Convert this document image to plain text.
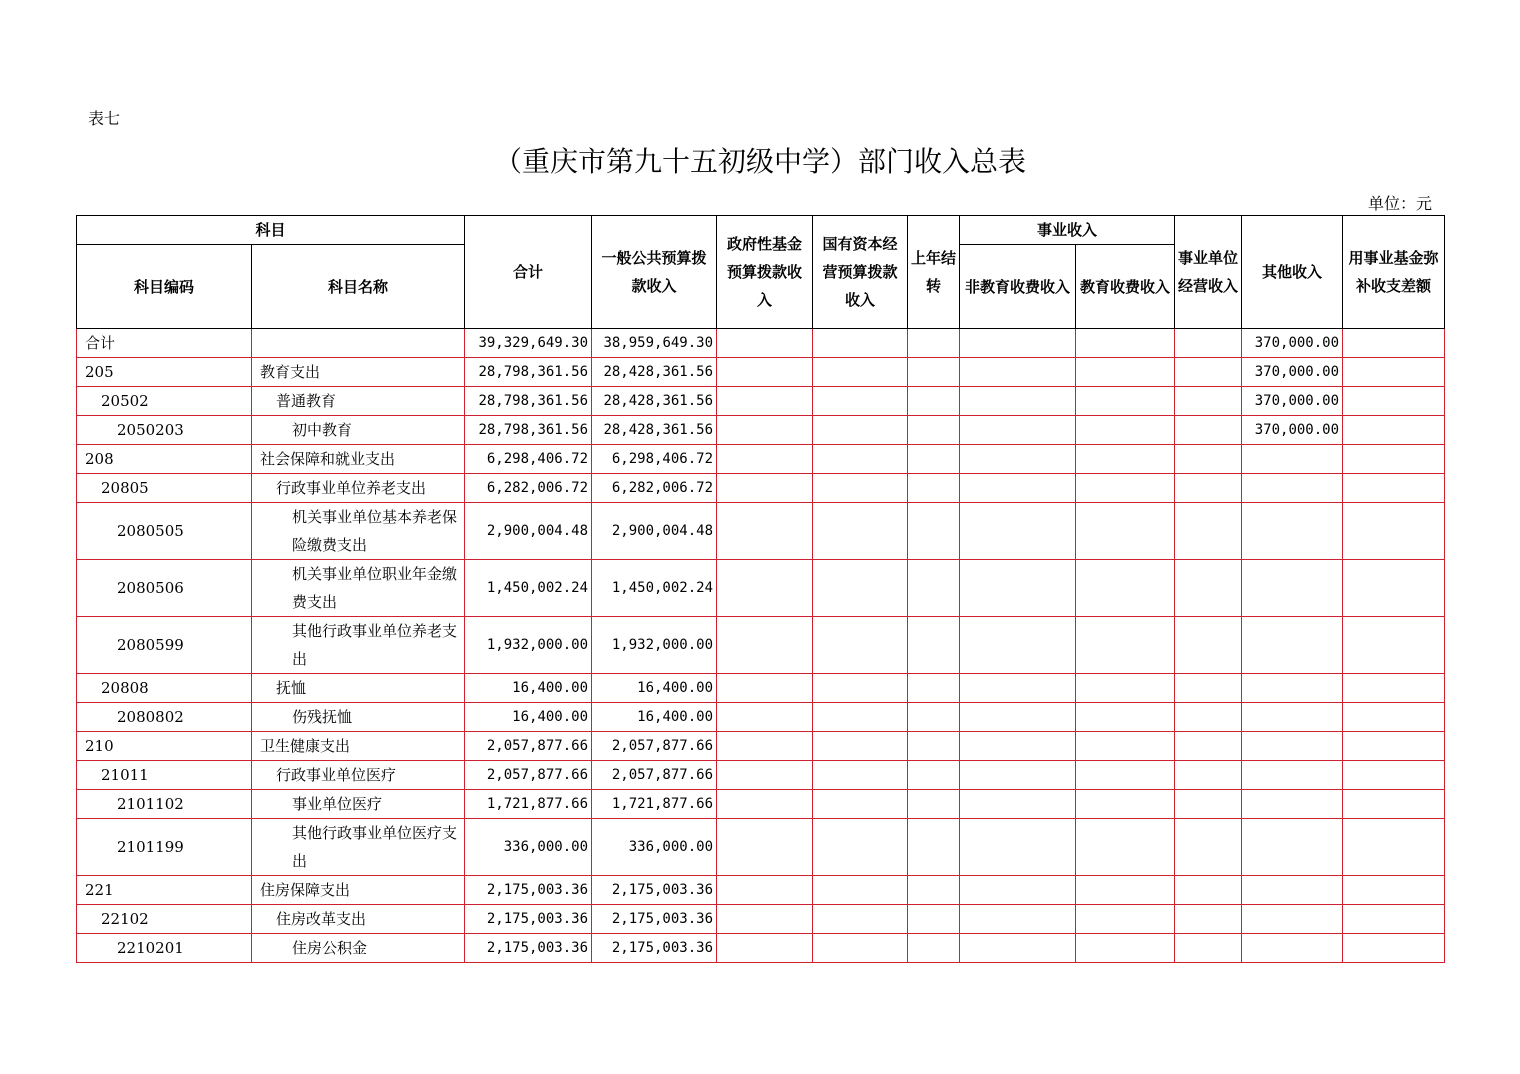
表七
（重庆市第九十五初级中学）部门收入总表
单位：元
科目		合计	一般公共预算拨款收入	政府性基金预算拨款收入	国有资本经营预算拨款收入	上年结转	事业收入		事业单位经营收入	其他收入	用事业基金弥补收支差额
科目编码	科目名称						非教育收费收入	教育收费收入			
合计		39,329,649.30	38,959,649.30							370,000.00	
205	教育支出	28,798,361.56	28,428,361.56							370,000.00	
20502	普通教育	28,798,361.56	28,428,361.56							370,000.00	
2050203	初中教育	28,798,361.56	28,428,361.56							370,000.00	
208	社会保障和就业支出	6,298,406.72	6,298,406.72								
20805	行政事业单位养老支出	6,282,006.72	6,282,006.72								
2080505	机关事业单位基本养老保险缴费支出	2,900,004.48	2,900,004.48								
2080506	机关事业单位职业年金缴费支出	1,450,002.24	1,450,002.24								
2080599	其他行政事业单位养老支出	1,932,000.00	1,932,000.00								
20808	抚恤	16,400.00	16,400.00								
2080802	伤残抚恤	16,400.00	16,400.00								
210	卫生健康支出	2,057,877.66	2,057,877.66								
21011	行政事业单位医疗	2,057,877.66	2,057,877.66								
2101102	事业单位医疗	1,721,877.66	1,721,877.66								
2101199	其他行政事业单位医疗支出	336,000.00	336,000.00								
221	住房保障支出	2,175,003.36	2,175,003.36								
22102	住房改革支出	2,175,003.36	2,175,003.36								
2210201	住房公积金	2,175,003.36	2,175,003.36								
